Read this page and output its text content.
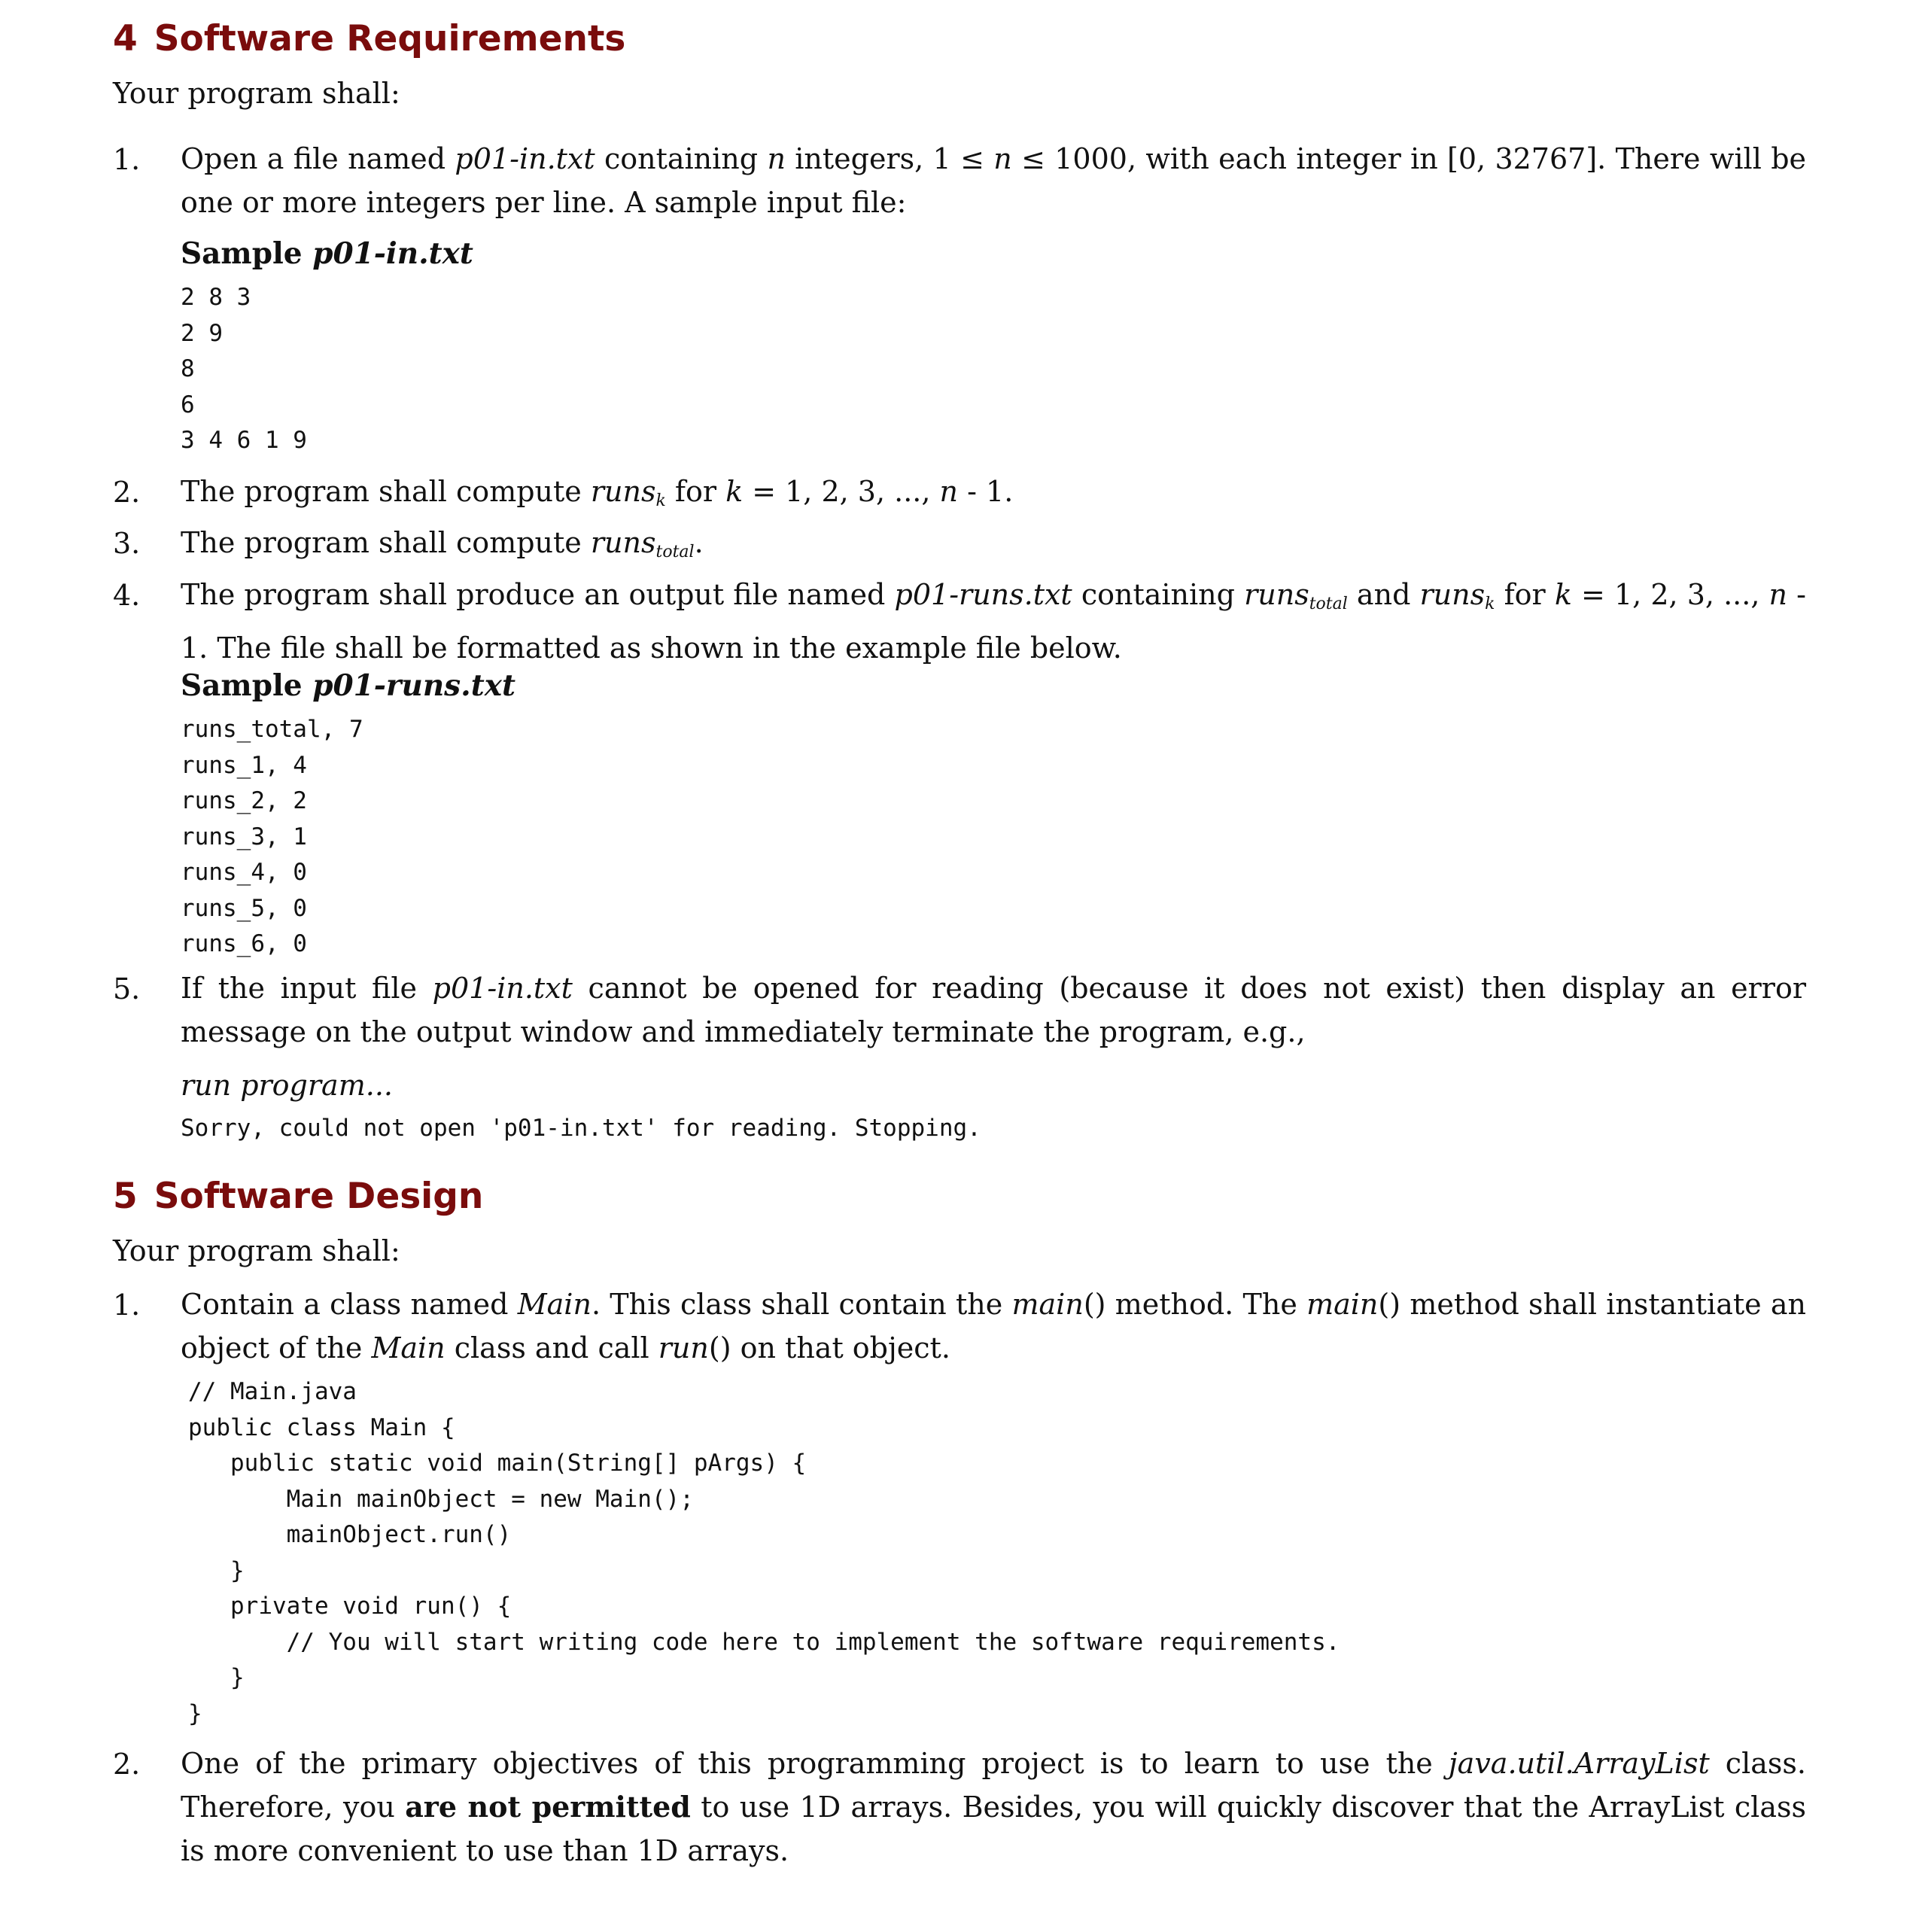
4 Software Requirements
Your program shall:
1. Open a file named p01-in.txt containing n integers, 1 ≤ n ≤ 1000, with each integer in [0, 32767]. There will be one or more integers per line. A sample input file:
Sample p01-in.txt
2 8 3
2 9
8
6
3 4 6 1 9
2. The program shall compute runs$_k$ for k = 1, 2, 3, ..., n - 1.
3. The program shall compute runs$_{total}$.
4. The program shall produce an output file named p01-runs.txt containing runs$_{total}$ and runs$_k$ for k = 1, 2, 3, ..., n - 1. The file shall be formatted as shown in the example file below.
Sample p01-runs.txt
runs_total, 7
runs_1, 4
runs_2, 2
runs_3, 1
runs_4, 0
runs_5, 0
runs_6, 0
5. If the input file p01-in.txt cannot be opened for reading (because it does not exist) then display an error message on the output window and immediately terminate the program, e.g.,
run program...
Sorry, could not open 'p01-in.txt' for reading. Stopping.
5 Software Design
Your program shall:
1. Contain a class named Main. This class shall contain the main() method. The main() method shall instantiate an object of the Main class and call run() on that object.
// Main.java
public class Main {
public static void main(String[] pArgs) {
Main mainObject = new Main();
mainObject.run()
}
private void run() {
// You will start writing code here to implement the software requirements.
}
}
2. One of the primary objectives of this programming project is to learn to use the java.util.ArrayList class. Therefore, you are not permitted to use 1D arrays. Besides, you will quickly discover that the ArrayList class is more convenient to use than 1D arrays.
